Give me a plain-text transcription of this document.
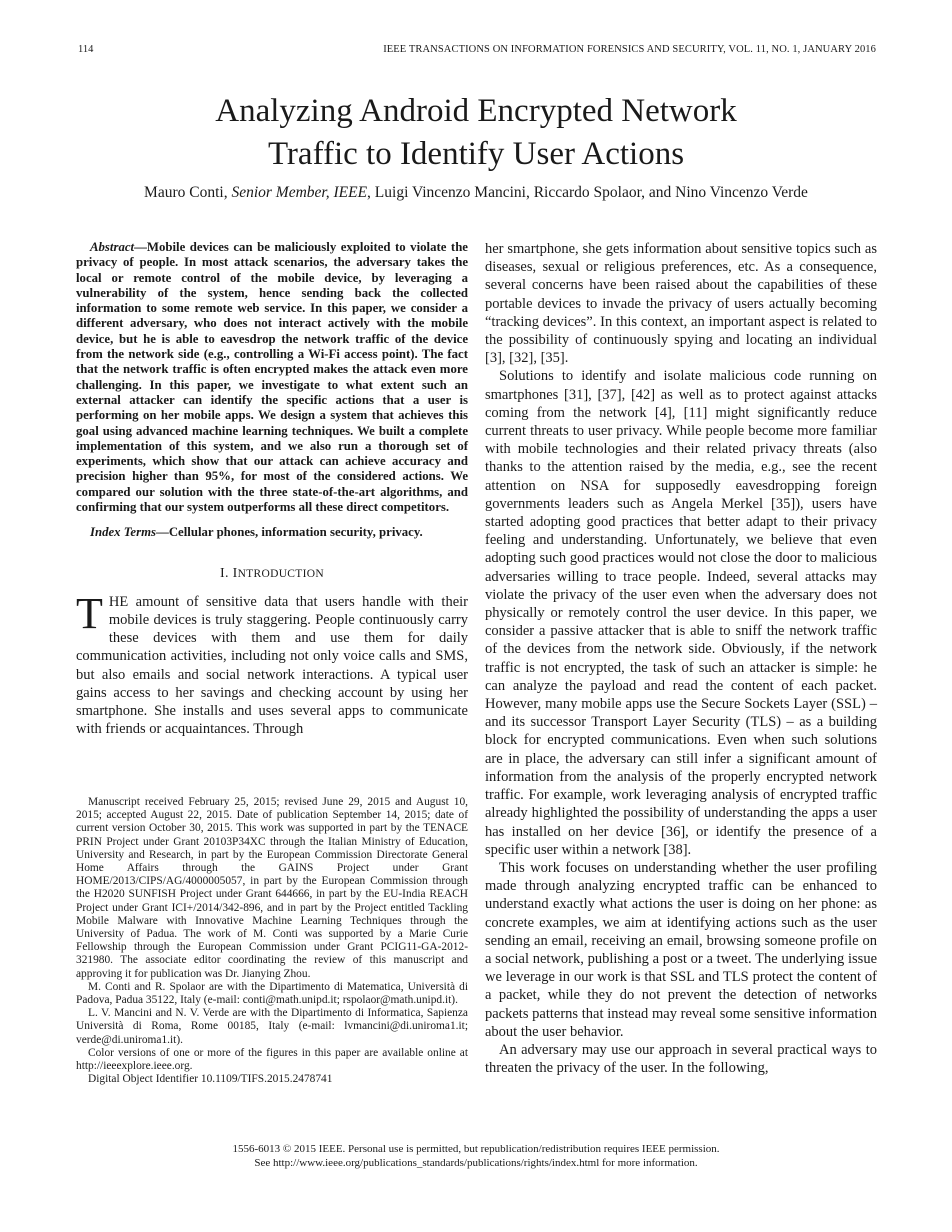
114	IEEE TRANSACTIONS ON INFORMATION FORENSICS AND SECURITY, VOL. 11, NO. 1, JANUARY 2016
Analyzing Android Encrypted Network
Traffic to Identify User Actions
Mauro Conti, Senior Member, IEEE, Luigi Vincenzo Mancini, Riccardo Spolaor, and Nino Vincenzo Verde

Abstract—Mobile devices can be maliciously exploited to violate the privacy of people. In most attack scenarios, the adversary takes the local or remote control of the mobile device, by leveraging a vulnerability of the system, hence sending back the collected information to some remote web service. In this paper, we consider a different adversary, who does not interact actively with the mobile device, but he is able to eavesdrop the network traffic of the device from the network side (e.g., controlling a Wi-Fi access point). The fact that the network traffic is often encrypted makes the attack even more challenging. In this paper, we investigate to what extent such an external attacker can identify the specific actions that a user is performing on her mobile apps. We design a system that achieves this goal using advanced machine learning techniques. We built a complete implementation of this system, and we also run a thorough set of experiments, which show that our attack can achieve accuracy and precision higher than 95%, for most of the considered actions. We compared our solution with the three state-of-the-art algorithms, and confirming that our system outperforms all these direct competitors.

Index Terms—Cellular phones, information security, privacy.

I. INTRODUCTION

THE amount of sensitive data that users handle with their mobile devices is truly staggering. People continuously carry these devices with them and use them for daily communication activities, including not only voice calls and SMS, but also emails and social network interactions. A typical user gains access to her savings and checking account by using her smartphone. She installs and uses several apps to communicate with friends or acquaintances. Through

Manuscript received February 25, 2015; revised June 29, 2015 and August 10, 2015; accepted August 22, 2015. Date of publication September 14, 2015; date of current version October 30, 2015. This work was supported in part by the TENACE PRIN Project under Grant 20103P34XC through the Italian Ministry of Education, University and Research, in part by the European Commission Directorate General Home Affairs through the GAINS Project under Grant HOME/2013/CIPS/AG/4000005057, in part by the European Commission through the H2020 SUNFISH Project under Grant 644666, in part by the EU-India REACH Project under Grant ICI+/2014/342-896, and in part by the Project entitled Tackling Mobile Malware with Innovative Machine Learning Techniques through the University of Padua. The work of M. Conti was supported by a Marie Curie Fellowship through the European Commission under Grant PCIG11-GA-2012-321980. The associate editor coordinating the review of this manuscript and approving it for publication was Dr. Jianying Zhou.

M. Conti and R. Spolaor are with the Dipartimento di Matematica, Università di Padova, Padua 35122, Italy (e-mail: conti@math.unipd.it; rspolaor@math.unipd.it).

L. V. Mancini and N. V. Verde are with the Dipartimento di Informatica, Sapienza Università di Roma, Rome 00185, Italy (e-mail: lvmancini@di.uniroma1.it; verde@di.uniroma1.it).

Color versions of one or more of the figures in this paper are available online at http://ieeexplore.ieee.org.

Digital Object Identifier 10.1109/TIFS.2015.2478741

her smartphone, she gets information about sensitive topics such as diseases, sexual or religious preferences, etc. As a consequence, several concerns have been raised about the capabilities of these portable devices to invade the privacy of users actually becoming “tracking devices”. In this context, an important aspect is related to the possibility of continuously spying and locating an individual [3], [32], [35].

Solutions to identify and isolate malicious code running on smartphones [31], [37], [42] as well as to protect against attacks coming from the network [4], [11] might significantly reduce current threats to user privacy. While people become more familiar with mobile technologies and their related privacy threats (also thanks to the attention raised by the media, e.g., see the recent attention on NSA for supposedly eavesdropping foreign governments leaders such as Angela Merkel [35]), users have started adopting good practices that better adapt to their privacy feeling and understanding. Unfortunately, we believe that even adopting such good practices would not close the door to malicious adversaries willing to trace people. Indeed, several attacks may violate the privacy of the user even when the adversary does not physically or remotely control the user device. In this paper, we consider a passive attacker that is able to sniff the network traffic of the devices from the network side. Obviously, if the network traffic is not encrypted, the task of such an attacker is simple: he can analyze the payload and read the content of each packet. However, many mobile apps use the Secure Sockets Layer (SSL) – and its successor Transport Layer Security (TLS) – as a building block for encrypted communications. Even when such solutions are in place, the adversary can still infer a significant amount of information from the analysis of the properly encrypted network traffic. For example, work leveraging analysis of encrypted traffic already highlighted the possibility of understanding the apps a user has installed on her device [36], or identify the presence of a specific user within a network [38].

This work focuses on understanding whether the user profiling made through analyzing encrypted traffic can be enhanced to understand exactly what actions the user is doing on her phone: as concrete examples, we aim at identifying actions such as the user sending an email, receiving an email, browsing someone profile on a social network, publishing a post or a tweet. The underlying issue we leverage in our work is that SSL and TLS protect the content of a packet, while they do not prevent the detection of networks packets patterns that instead may reveal some sensitive information about the user behavior.

An adversary may use our approach in several practical ways to threaten the privacy of the user. In the following,

1556-6013 © 2015 IEEE. Personal use is permitted, but republication/redistribution requires IEEE permission.
See http://www.ieee.org/publications_standards/publications/rights/index.html for more information.
